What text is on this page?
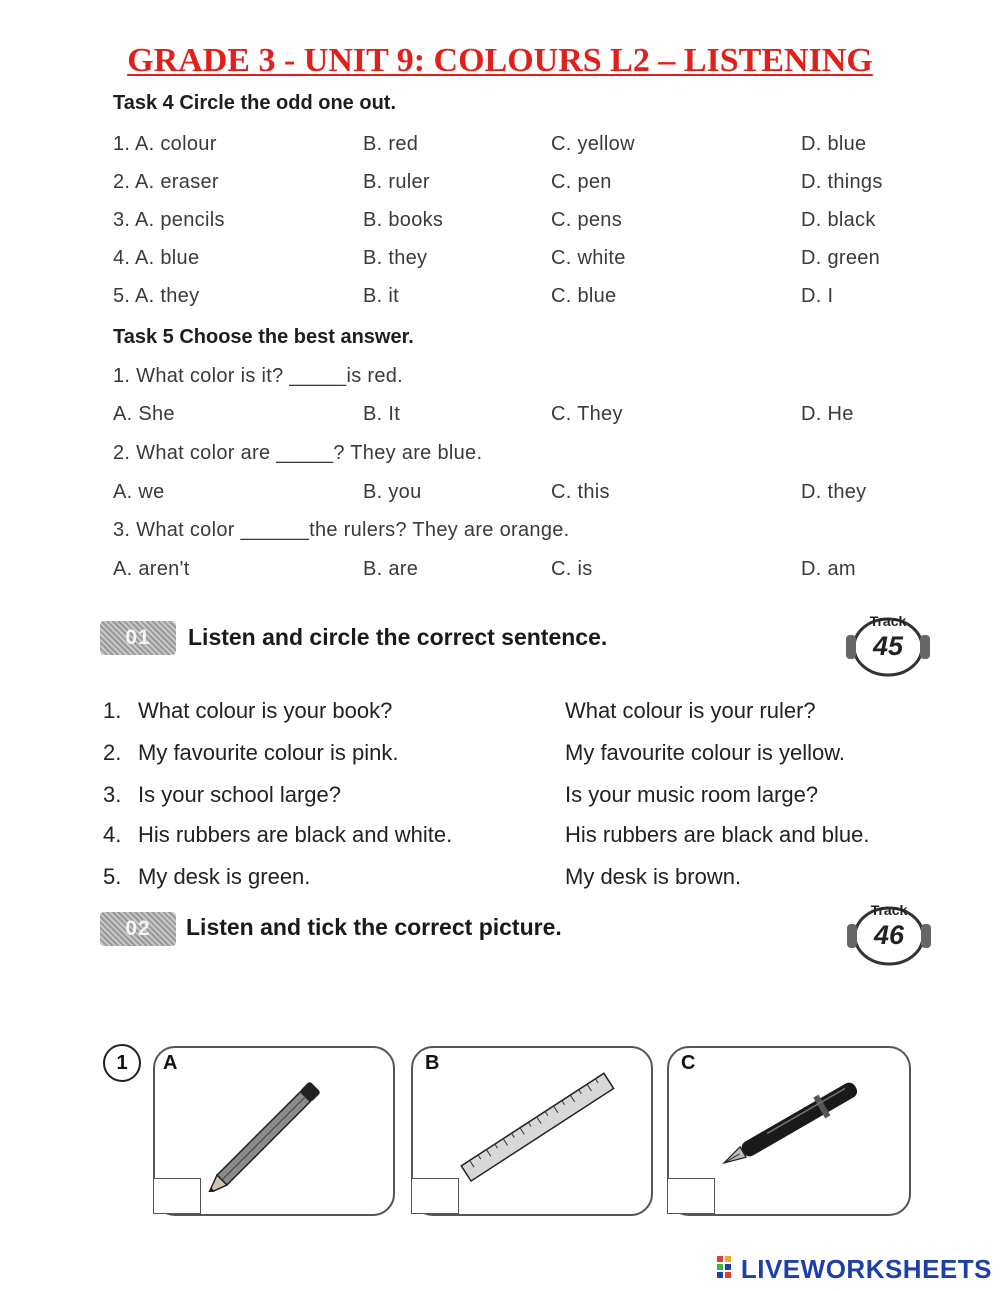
GRADE 3 - UNIT 9: COLOURS L2 – LISTENING
Task 4 Circle the odd one out.
1. A. colour	B. red	C. yellow	D. blue
2. A. eraser	B. ruler	C. pen	D. things
3. A. pencils	B. books	C. pens	D. black
4. A. blue	B. they	C. white	D. green
5. A. they	B. it	C. blue	D. I
Task 5 Choose the best answer.
1. What color is it? _____is red.
A. She	B. It	C. They	D. He
2. What color are _____? They are blue.
A. we	B. you	C. this	D. they
3. What color ______the rulers? They are orange.
A. aren't	B. are	C. is	D. am
01	Listen and circle the correct sentence.
Track
45
1. What colour is your book?	What colour is your ruler?
2. My favourite colour is pink.	My favourite colour is yellow.
3. Is your school large?	Is your music room large?
4. His rubbers are black and white.	His rubbers are black and blue.
5. My desk is green.	My desk is brown.
02	Listen and tick the correct picture.
Track
46
1	A	B	C
LIVEWORKSHEETS
